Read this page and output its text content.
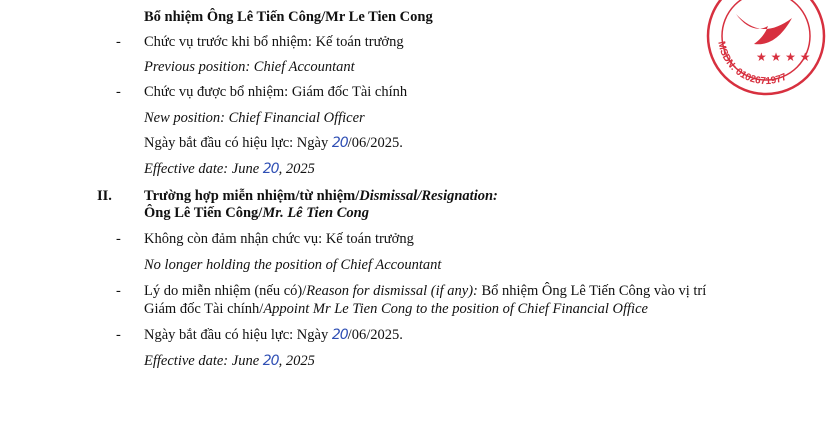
★ ★ ★ ★
MSDN: 0102671977
Bổ nhiệm Ông Lê Tiến Công/Mr Le Tien Cong
- Chức vụ trước khi bổ nhiệm: Kế toán trưởng
Previous position: Chief Accountant
- Chức vụ được bổ nhiệm: Giám đốc Tài chính
New position: Chief Financial Officer
Ngày bắt đầu có hiệu lực: Ngày 20/06/2025.
Effective date: June 20, 2025
II. Trường hợp miễn nhiệm/từ nhiệm/Dismissal/Resignation:
Ông Lê Tiến Công/Mr. Lê Tien Cong
- Không còn đảm nhận chức vụ: Kế toán trưởng
No longer holding the position of Chief Accountant
- Lý do miễn nhiệm (nếu có)/Reason for dismissal (if any): Bổ nhiệm Ông Lê Tiến Công vào vị trí
Giám đốc Tài chính/Appoint Mr Le Tien Cong to the position of Chief Financial Office
- Ngày bắt đầu có hiệu lực: Ngày 20/06/2025.
Effective date: June 20, 2025
